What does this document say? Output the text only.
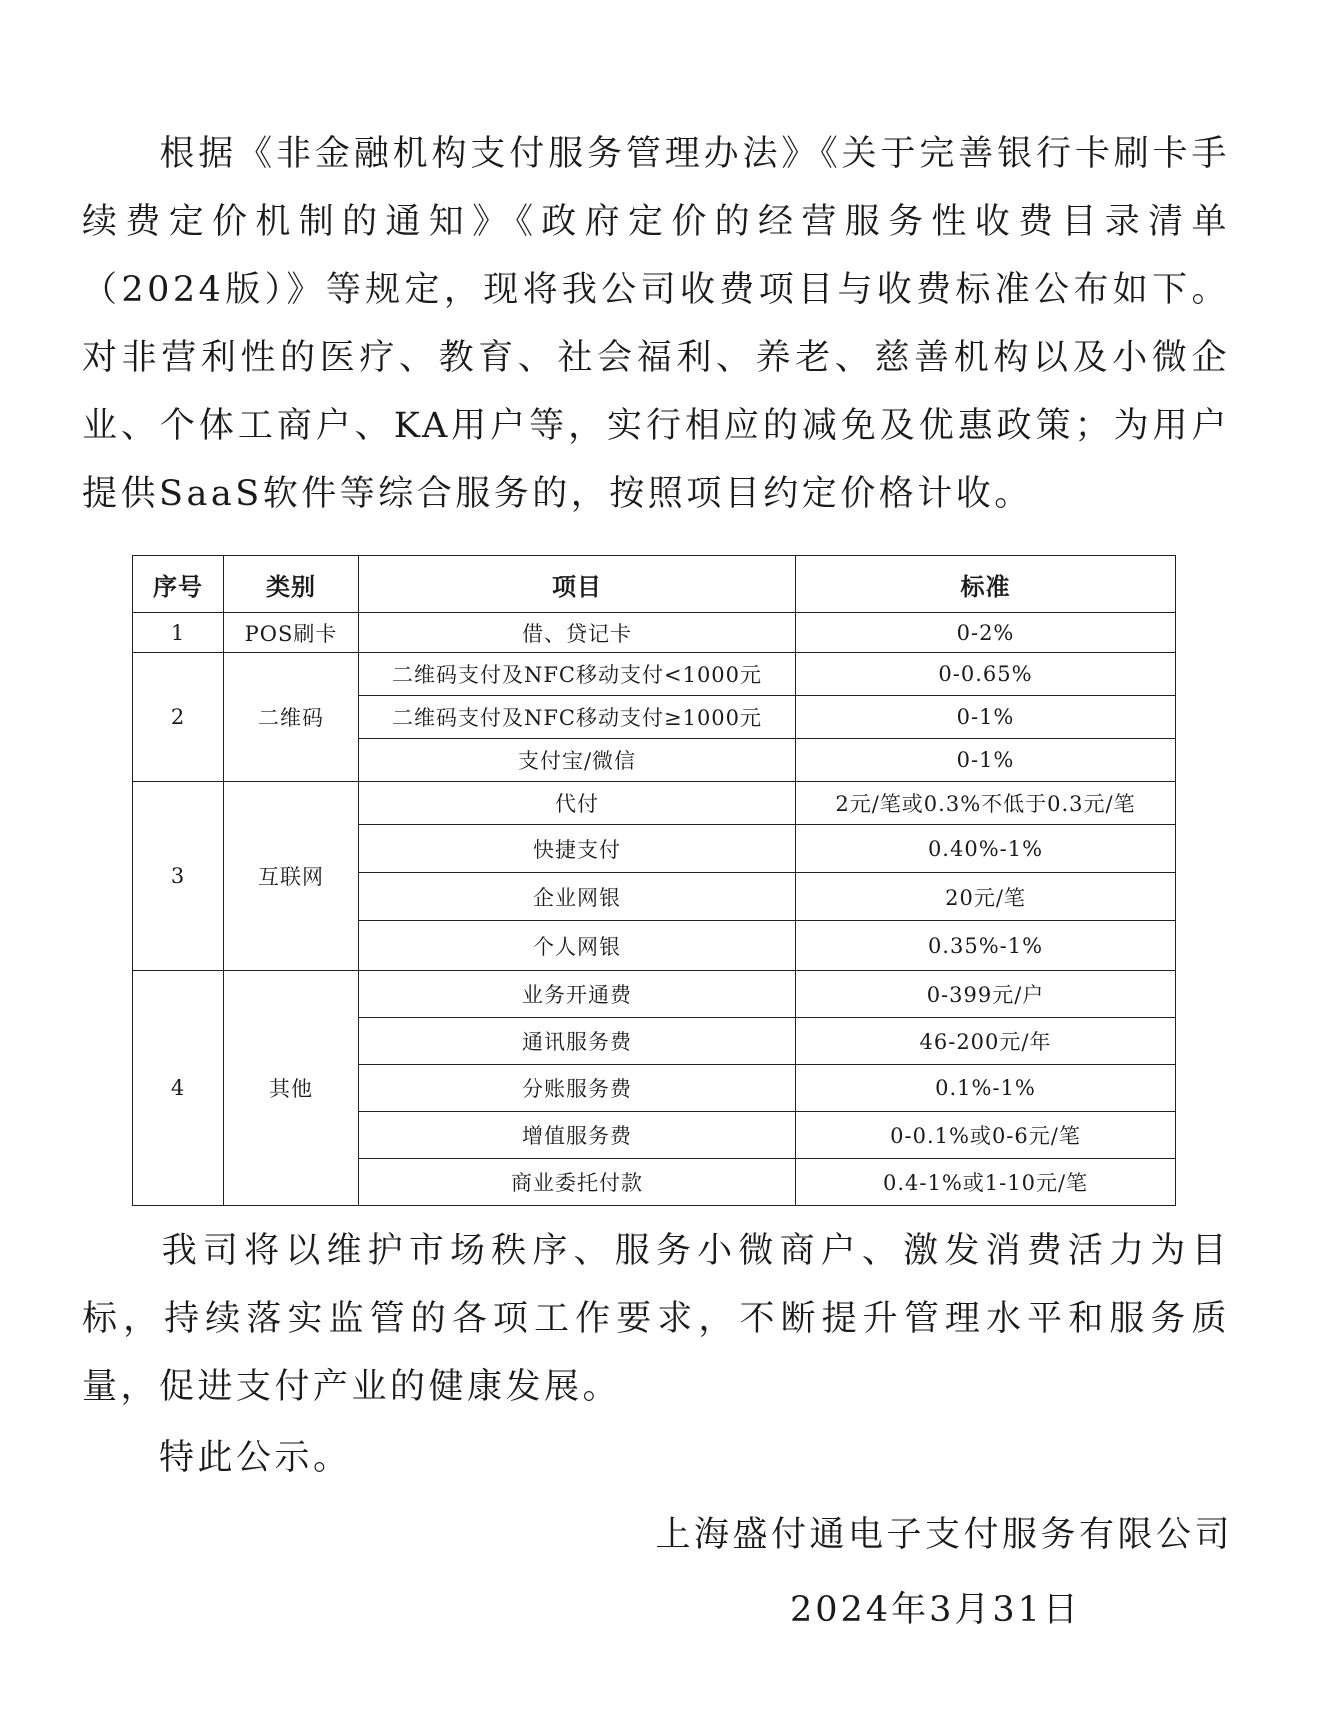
根据《非金融机构支付服务管理办法》《关于完善银行卡刷卡手续费定价机制的通知》《政府定价的经营服务性收费目录清单（2024版）》等规定，现将我公司收费项目与收费标准公布如下。对非营利性的医疗、教育、社会福利、养老、慈善机构以及小微企业、个体工商户、KA用户等，实行相应的减免及优惠政策；为用户提供SaaS软件等综合服务的，按照项目约定价格计收。

序号	类别	项目	标准
1	POS刷卡	借、贷记卡	0-2%
2	二维码	二维码支付及NFC移动支付<1000元	0-0.65%
		二维码支付及NFC移动支付≥1000元	0-1%
		支付宝/微信	0-1%
3	互联网	代付	2元/笔或0.3%不低于0.3元/笔
		快捷支付	0.40%-1%
		企业网银	20元/笔
		个人网银	0.35%-1%
4	其他	业务开通费	0-399元/户
		通讯服务费	46-200元/年
		分账服务费	0.1%-1%
		增值服务费	0-0.1%或0-6元/笔
		商业委托付款	0.4-1%或1-10元/笔

我司将以维护市场秩序、服务小微商户、激发消费活力为目标，持续落实监管的各项工作要求，不断提升管理水平和服务质量，促进支付产业的健康发展。

特此公示。

上海盛付通电子支付服务有限公司

2024年3月31日
